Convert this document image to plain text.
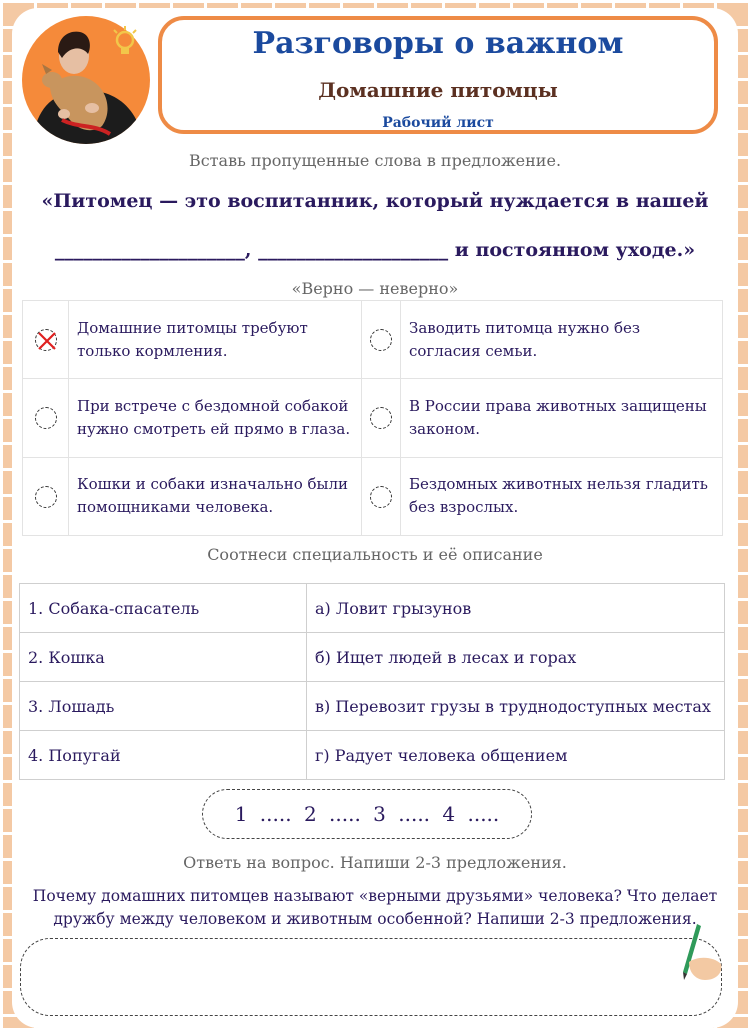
Разговоры о важном
Домашние питомцы
Рабочий лист
Вставь пропущенные слова в предложение.
«Питомец — это воспитанник, который нуждается в нашей
____________________, ____________________ и постоянном уходе.»
«Верно — неверно»
	Домашние питомцы требуют только кормления.		Заводить питомца нужно без согласия семьи.
	При встрече с бездомной собакой нужно смотреть ей прямо в глаза.		В России права животных защищены законом.
	Кошки и собаки изначально были помощниками человека.		Бездомных животных нельзя гладить без взрослых.
Соотнеси специальность и её описание
1. Собака-спасатель	а) Ловит грызунов
2. Кошка	б) Ищет людей в лесах и горах
3. Лошадь	в) Перевозит грузы в труднодоступных местах
4. Попугай	г) Радует человека общением
1 ..... 2 ..... 3 ..... 4 .....
Ответь на вопрос. Напиши 2-3 предложения.
Почему домашних питомцев называют «верными друзьями» человека? Что делает дружбу между человеком и животным особенной? Напиши 2-3 предложения.
